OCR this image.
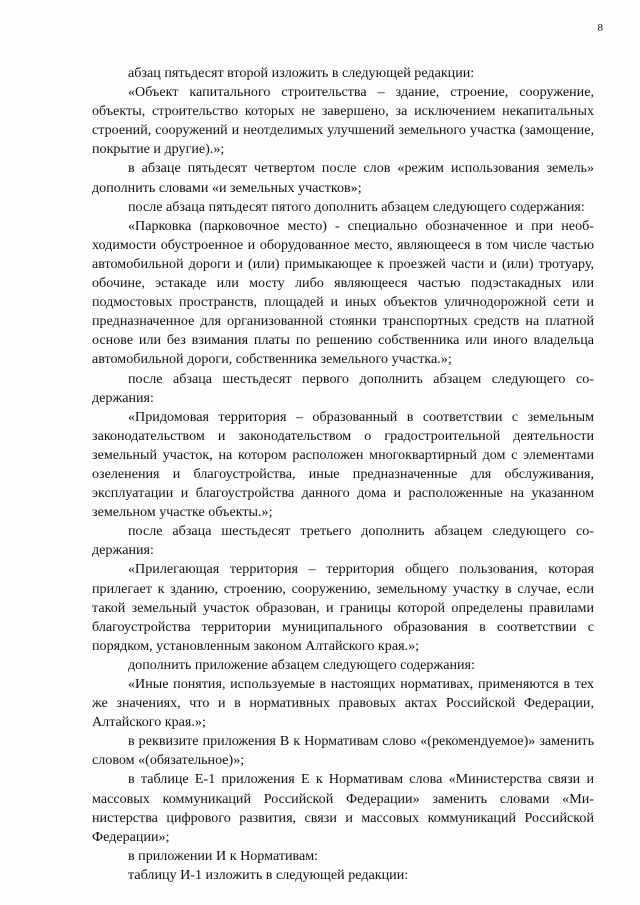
8

абзац пятьдесят второй изложить в следующей редакции:

«Объект капитального строительства – здание, строение, сооружение, объекты, строительство которых не завершено, за исключением некапитальных строений, сооружений и неотделимых улучшений земельного участка (замощение, покрытие и другие).»;

в абзаце пятьдесят четвертом после слов «режим использования земель» дополнить словами «и земельных участков»;

после абзаца пятьдесят пятого дополнить абзацем следующего содержания:

«Парковка (парковочное место) - специально обозначенное и при необходимости обустроенное и оборудованное место, являющееся в том числе частью автомобильной дороги и (или) примыкающее к проезжей части и (или) тротуару, обочине, эстакаде или мосту либо являющееся частью подэстакадных или подмостовых пространств, площадей и иных объектов уличнодорожной сети и предназначенное для организованной стоянки транспортных средств на платной основе или без взимания платы по решению собственника или иного владельца автомобильной дороги, собственника земельного участка.»;

после абзаца шестьдесят первого дополнить абзацем следующего содержания:

«Придомовая территория – образованный в соответствии с земельным законодательством и законодательством о градостроительной деятельности земельный участок, на котором расположен многоквартирный дом с элементами озеленения и благоустройства, иные предназначенные для обслуживания, эксплуатации и благоустройства данного дома и расположенные на указанном земельном участке объекты.»;

после абзаца шестьдесят третьего дополнить абзацем следующего содержания:

«Прилегающая территория – территория общего пользования, которая прилегает к зданию, строению, сооружению, земельному участку в случае, если такой земельный участок образован, и границы которой определены правилами благоустройства территории муниципального образования в соответствии с порядком, установленным законом Алтайского края.»;

дополнить приложение абзацем следующего содержания:

«Иные понятия, используемые в настоящих нормативах, применяются в тех же значениях, что и в нормативных правовых актах Российской Федерации, Алтайского края.»;

в реквизите приложения В к Нормативам слово «(рекомендуемое)» заменить словом «(обязательное)»;

в таблице Е-1 приложения Е к Нормативам слова «Министерства связи и массовых коммуникаций Российской Федерации» заменить словами «Министерства цифрового развития, связи и массовых коммуникаций Российской Федерации»;

в приложении И к Нормативам:

таблицу И-1 изложить в следующей редакции:
